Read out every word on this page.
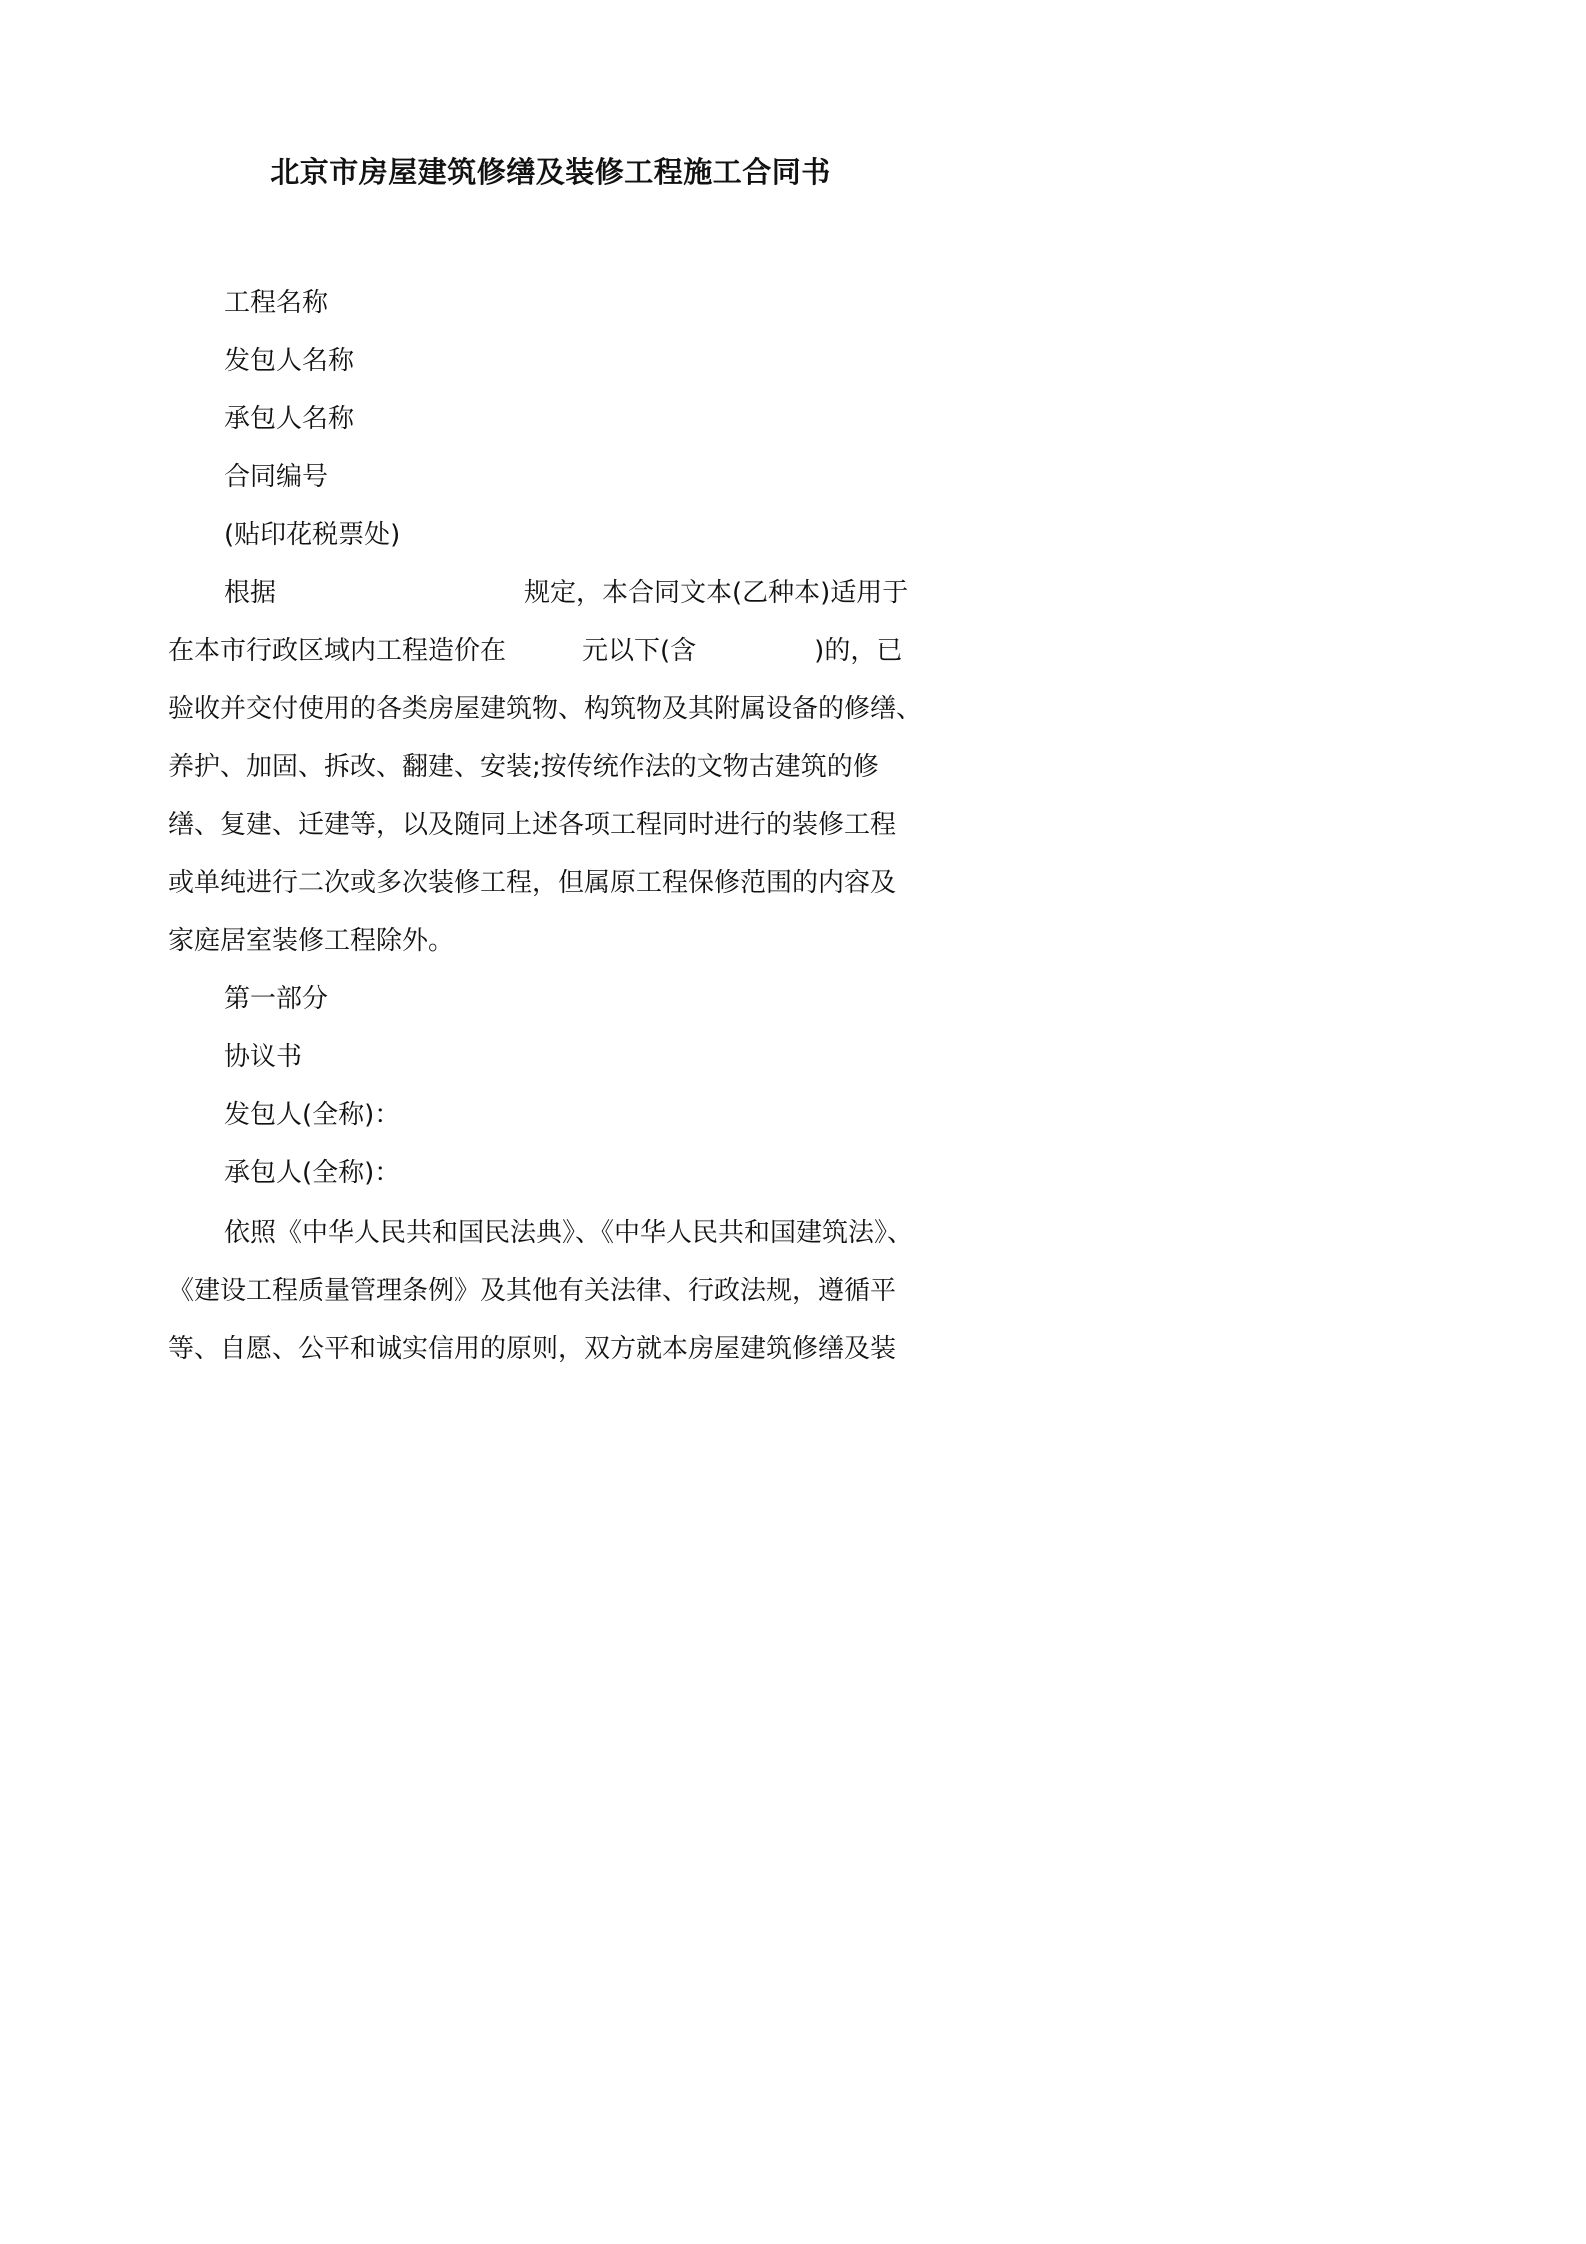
北京市房屋建筑修缮及装修工程施工合同书
工程名称
发包人名称
承包人名称
合同编号
(贴印花税票处)
根据	规定，本合同文本(乙种本)适用于
在本市行政区域内工程造价在	元以下(含	)的，已
验收并交付使用的各类房屋建筑物、构筑物及其附属设备的修缮、
养护、加固、拆改、翻建、安装;按传统作法的文物古建筑的修
缮、复建、迁建等，以及随同上述各项工程同时进行的装修工程
或单纯进行二次或多次装修工程，但属原工程保修范围的内容及
家庭居室装修工程除外。
第一部分
协议书
发包人(全称)：
承包人(全称)：
依照《中华人民共和国民法典》、《中华人民共和国建筑法》、
《建设工程质量管理条例》及其他有关法律、行政法规，遵循平
等、自愿、公平和诚实信用的原则，双方就本房屋建筑修缮及装
